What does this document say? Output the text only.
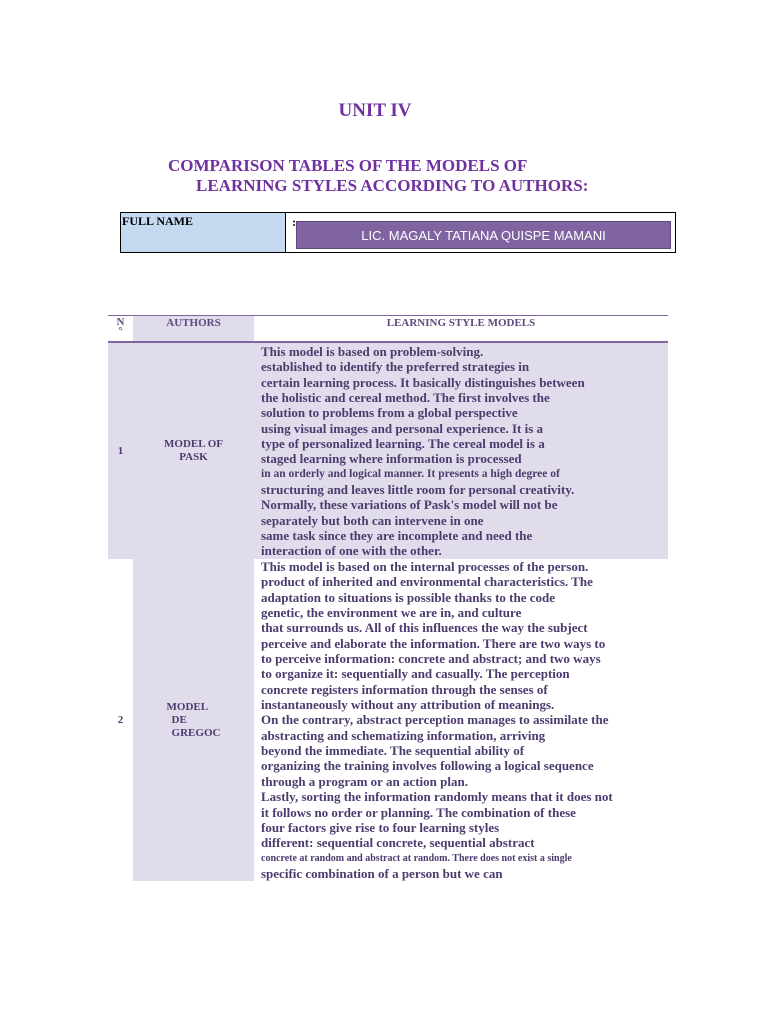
UNIT IV
COMPARISON TABLES OF THE MODELS OF
LEARNING STYLES ACCORDING TO AUTHORS:
FULL NAME	:
LIC. MAGALY TATIANA QUISPE MAMANI
N
°
AUTHORS	LEARNING STYLE MODELS
1
MODEL OF
PASK
This model is based on problem-solving.
established to identify the preferred strategies in
certain learning process. It basically distinguishes between
the holistic and cereal method. The first involves the
solution to problems from a global perspective
using visual images and personal experience. It is a
type of personalized learning. The cereal model is a
staged learning where information is processed
in an orderly and logical manner. It presents a high degree of
structuring and leaves little room for personal creativity.
Normally, these variations of Pask's model will not be
separately but both can intervene in one
same task since they are incomplete and need the
interaction of one with the other.
2
MODEL
DE
GREGOC
This model is based on the internal processes of the person.
product of inherited and environmental characteristics. The
adaptation to situations is possible thanks to the code
genetic, the environment we are in, and culture
that surrounds us. All of this influences the way the subject
perceive and elaborate the information. There are two ways to
to perceive information: concrete and abstract; and two ways
to organize it: sequentially and casually. The perception
concrete registers information through the senses of
instantaneously without any attribution of meanings.
On the contrary, abstract perception manages to assimilate the
abstracting and schematizing information, arriving
beyond the immediate. The sequential ability of
organizing the training involves following a logical sequence
through a program or an action plan.
Lastly, sorting the information randomly means that it does not
it follows no order or planning. The combination of these
four factors give rise to four learning styles
different: sequential concrete, sequential abstract
concrete at random and abstract at random. There does not exist a single
specific combination of a person but we can
